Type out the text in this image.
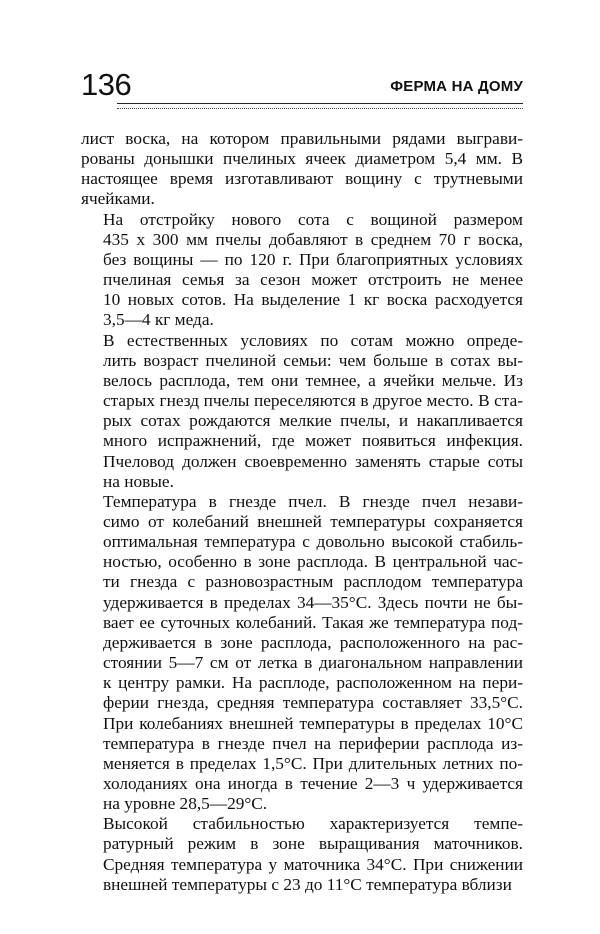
136	ФЕРМА НА ДОМУ

лист воска, на котором правильными рядами выграви-
рованы донышки пчелиных ячеек диаметром 5,4 мм. В
настоящее время изготавливают вощину с трутневыми
ячейками.

На отстройку нового сота с вощиной размером
435 х 300 мм пчелы добавляют в среднем 70 г воска,
без вощины — по 120 г. При благоприятных условиях
пчелиная семья за сезон может отстроить не менее
10 новых сотов. На выделение 1 кг воска расходуется
3,5—4 кг меда.

В естественных условиях по сотам можно опреде-
лить возраст пчелиной семьи: чем больше в сотах вы-
велось расплода, тем они темнее, а ячейки мельче. Из
старых гнезд пчелы переселяются в другое место. В ста-
рых сотах рождаются мелкие пчелы, и накапливается
много испражнений, где может появиться инфекция.
Пчеловод должен своевременно заменять старые соты
на новые.

Температура в гнезде пчел. В гнезде пчел незави-
симо от колебаний внешней температуры сохраняется
оптимальная температура с довольно высокой стабиль-
ностью, особенно в зоне расплода. В центральной час-
ти гнезда с разновозрастным расплодом температура
удерживается в пределах 34—35°С. Здесь почти не бы-
вает ее суточных колебаний. Такая же температура под-
держивается в зоне расплода, расположенного на рас-
стоянии 5—7 см от летка в диагональном направлении
к центру рамки. На расплоде, расположенном на пери-
ферии гнезда, средняя температура составляет 33,5°С.
При колебаниях внешней температуры в пределах 10°С
температура в гнезде пчел на периферии расплода из-
меняется в пределах 1,5°С. При длительных летних по-
холоданиях она иногда в течение 2—3 ч удерживается
на уровне 28,5—29°С.

Высокой стабильностью характеризуется темпе-
ратурный режим в зоне выращивания маточников.
Средняя температура у маточника 34°С. При снижении
внешней температуры с 23 до 11°С температура вблизи
